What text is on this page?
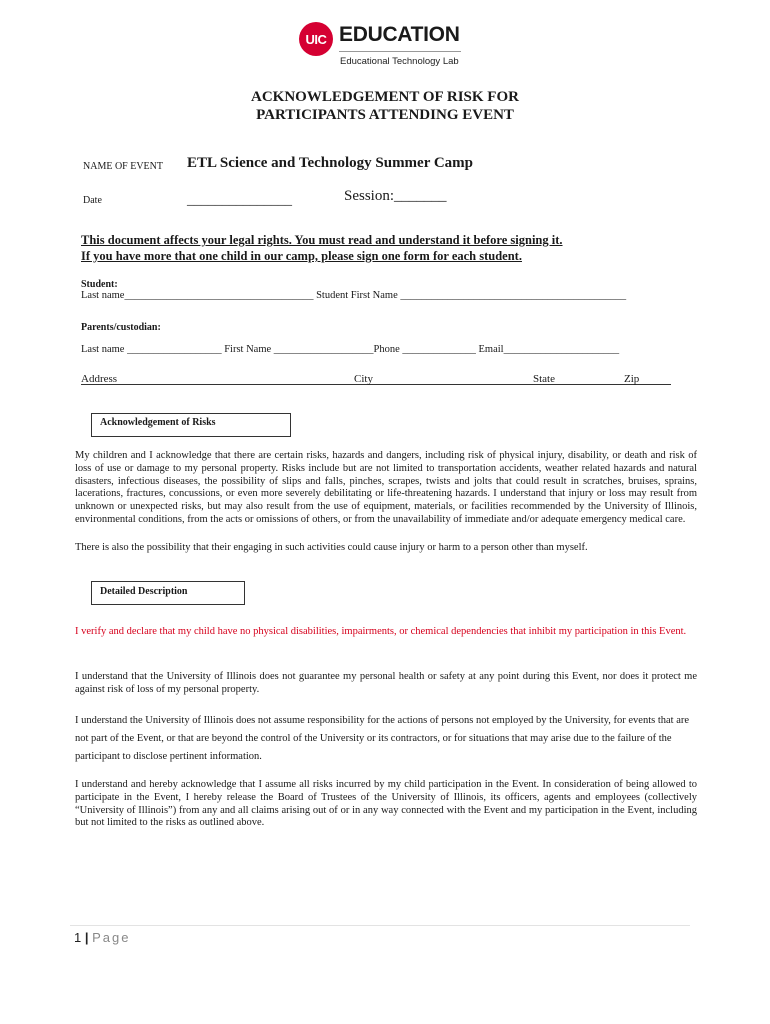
UIC EDUCATION
Educational Technology Lab
ACKNOWLEDGEMENT OF RISK FOR
PARTICIPANTS ATTENDING EVENT
NAME OF EVENT ETL Science and Technology Summer Camp
Date	_______________	Session:_______
This document affects your legal rights. You must read and understand it before signing it.
If you have more that one child in our camp, please sign one form for each student.
Student:
Last name____________________________________ Student First Name ___________________________________________
Parents/custodian:
Last name __________________ First Name ___________________Phone ______________ Email______________________
Address	City	State	Zip
Acknowledgement of Risks
My children and I acknowledge that there are certain risks, hazards and dangers, including risk of physical injury, disability, or death and risk of loss of use or damage to my personal property. Risks include but are not limited to transportation accidents, weather related hazards and natural disasters, infectious diseases, the possibility of slips and falls, pinches, scrapes, twists and jolts that could result in scratches, bruises, sprains, lacerations, fractures, concussions, or even more severely debilitating or life-threatening hazards. I understand that injury or loss may result from unknown or unexpected risks, but may also result from the use of equipment, materials, or facilities recommended by the University of Illinois, environmental conditions, from the acts or omissions of others, or from the unavailability of immediate and/or adequate emergency medical care.
There is also the possibility that their engaging in such activities could cause injury or harm to a person other than myself.
Detailed Description
I verify and declare that my child have no physical disabilities, impairments, or chemical dependencies that inhibit my participation in this Event.
I understand that the University of Illinois does not guarantee my personal health or safety at any point during this Event, nor does it protect me against risk of loss of my personal property.
I understand the University of Illinois does not assume responsibility for the actions of persons not employed by the University, for events that are not part of the Event, or that are beyond the control of the University or its contractors, or for situations that may arise due to the failure of the participant to disclose pertinent information.
I understand and hereby acknowledge that I assume all risks incurred by my child participation in the Event. In consideration of being allowed to participate in the Event, I hereby release the Board of Trustees of the University of Illinois, its officers, agents and employees (collectively “University of Illinois”) from any and all claims arising out of or in any way connected with the Event and my participation in the Event, including but not limited to the risks as outlined above.
1 | Page
